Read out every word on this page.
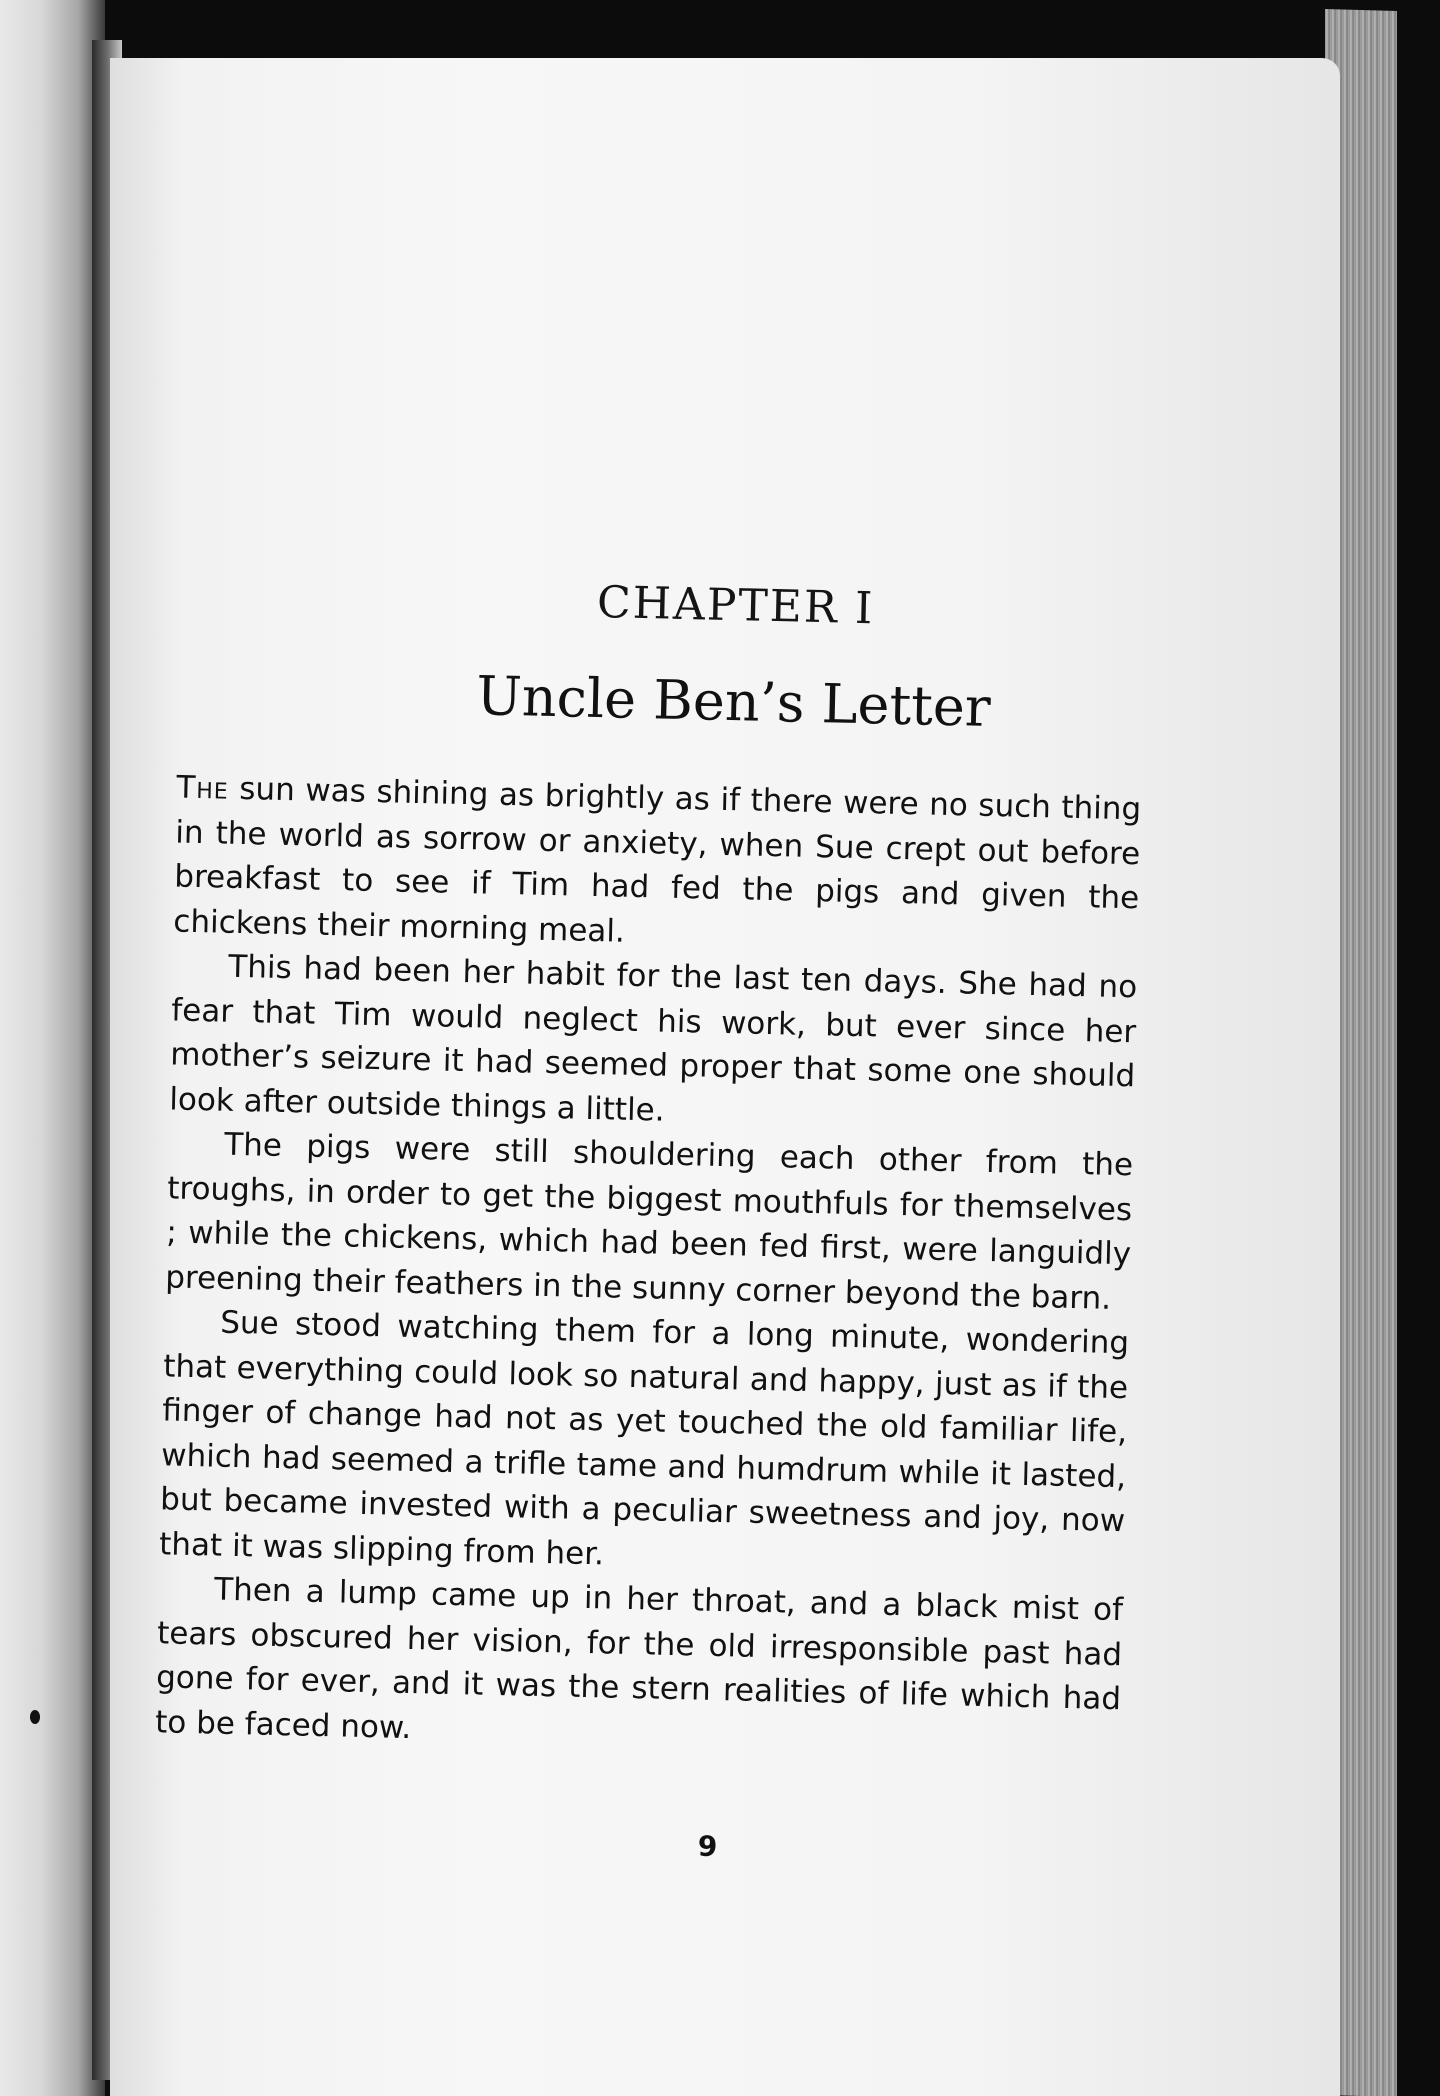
CHAPTER I
Uncle Ben’s Letter

The sun was shining as brightly as if there were no such thing in the world as sorrow or anxiety, when Sue crept out before breakfast to see if Tim had fed the pigs and given the chickens their morning meal.

This had been her habit for the last ten days. She had no fear that Tim would neglect his work, but ever since her mother’s seizure it had seemed proper that some one should look after outside things a little.

The pigs were still shouldering each other from the troughs, in order to get the biggest mouthfuls for themselves ; while the chickens, which had been fed first, were languidly preening their feathers in the sunny corner beyond the barn.

Sue stood watching them for a long minute, wondering that everything could look so natural and happy, just as if the finger of change had not as yet touched the old familiar life, which had seemed a trifle tame and humdrum while it lasted, but became invested with a peculiar sweetness and joy, now that it was slipping from her.

Then a lump came up in her throat, and a black mist of tears obscured her vision, for the old irresponsible past had gone for ever, and it was the stern realities of life which had to be faced now.

9
